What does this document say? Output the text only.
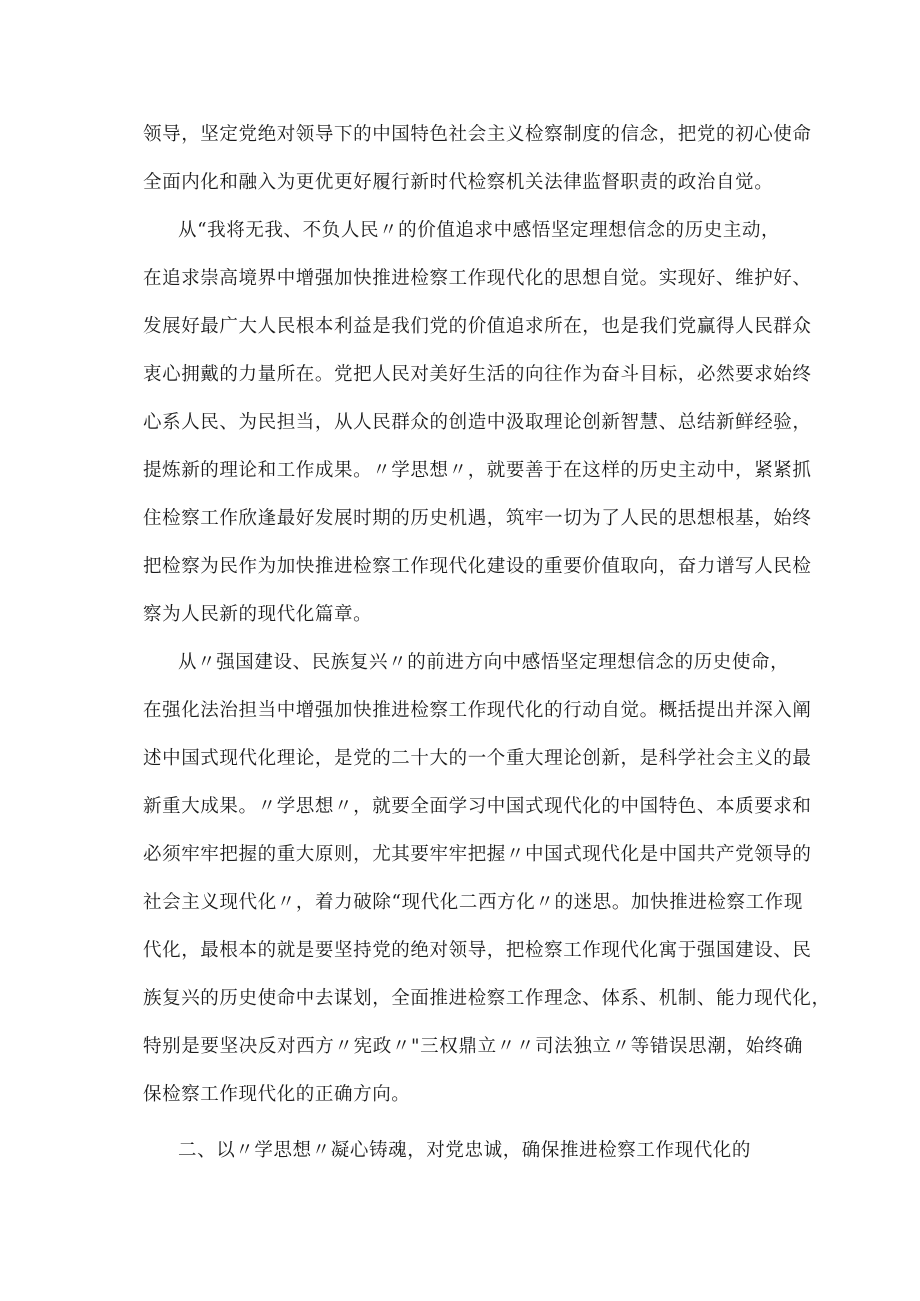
领导，坚定党绝对领导下的中国特色社会主义检察制度的信念，把党的初心使命
全面内化和融入为更优更好履行新时代检察机关法律监督职责的政治自觉。
从“我将无我、不负人民〃的价值追求中感悟坚定理想信念的历史主动，
在追求崇高境界中增强加快推进检察工作现代化的思想自觉。实现好、维护好、
发展好最广大人民根本利益是我们党的价值追求所在，也是我们党赢得人民群众
衷心拥戴的力量所在。党把人民对美好生活的向往作为奋斗目标，必然要求始终
心系人民、为民担当，从人民群众的创造中汲取理论创新智慧、总结新鲜经验，
提炼新的理论和工作成果。〃学思想〃，就要善于在这样的历史主动中，紧紧抓
住检察工作欣逢最好发展时期的历史机遇，筑牢一切为了人民的思想根基，始终
把检察为民作为加快推进检察工作现代化建设的重要价值取向，奋力谱写人民检
察为人民新的现代化篇章。
从〃强国建设、民族复兴〃的前进方向中感悟坚定理想信念的历史使命，
在强化法治担当中增强加快推进检察工作现代化的行动自觉。概括提出并深入阐
述中国式现代化理论，是党的二十大的一个重大理论创新，是科学社会主义的最
新重大成果。〃学思想〃，就要全面学习中国式现代化的中国特色、本质要求和
必须牢牢把握的重大原则，尤其要牢牢把握〃中国式现代化是中国共产党领导的
社会主义现代化〃，着力破除“现代化二西方化〃的迷思。加快推进检察工作现
代化，最根本的就是要坚持党的绝对领导，把检察工作现代化寓于强国建设、民
族复兴的历史使命中去谋划，全面推进检察工作理念、体系、机制、能力现代化，
特别是要坚决反对西方〃宪政〃"三权鼎立〃〃司法独立〃等错误思潮，始终确
保检察工作现代化的正确方向。
二、以〃学思想〃凝心铸魂，对党忠诚，确保推进检察工作现代化的
